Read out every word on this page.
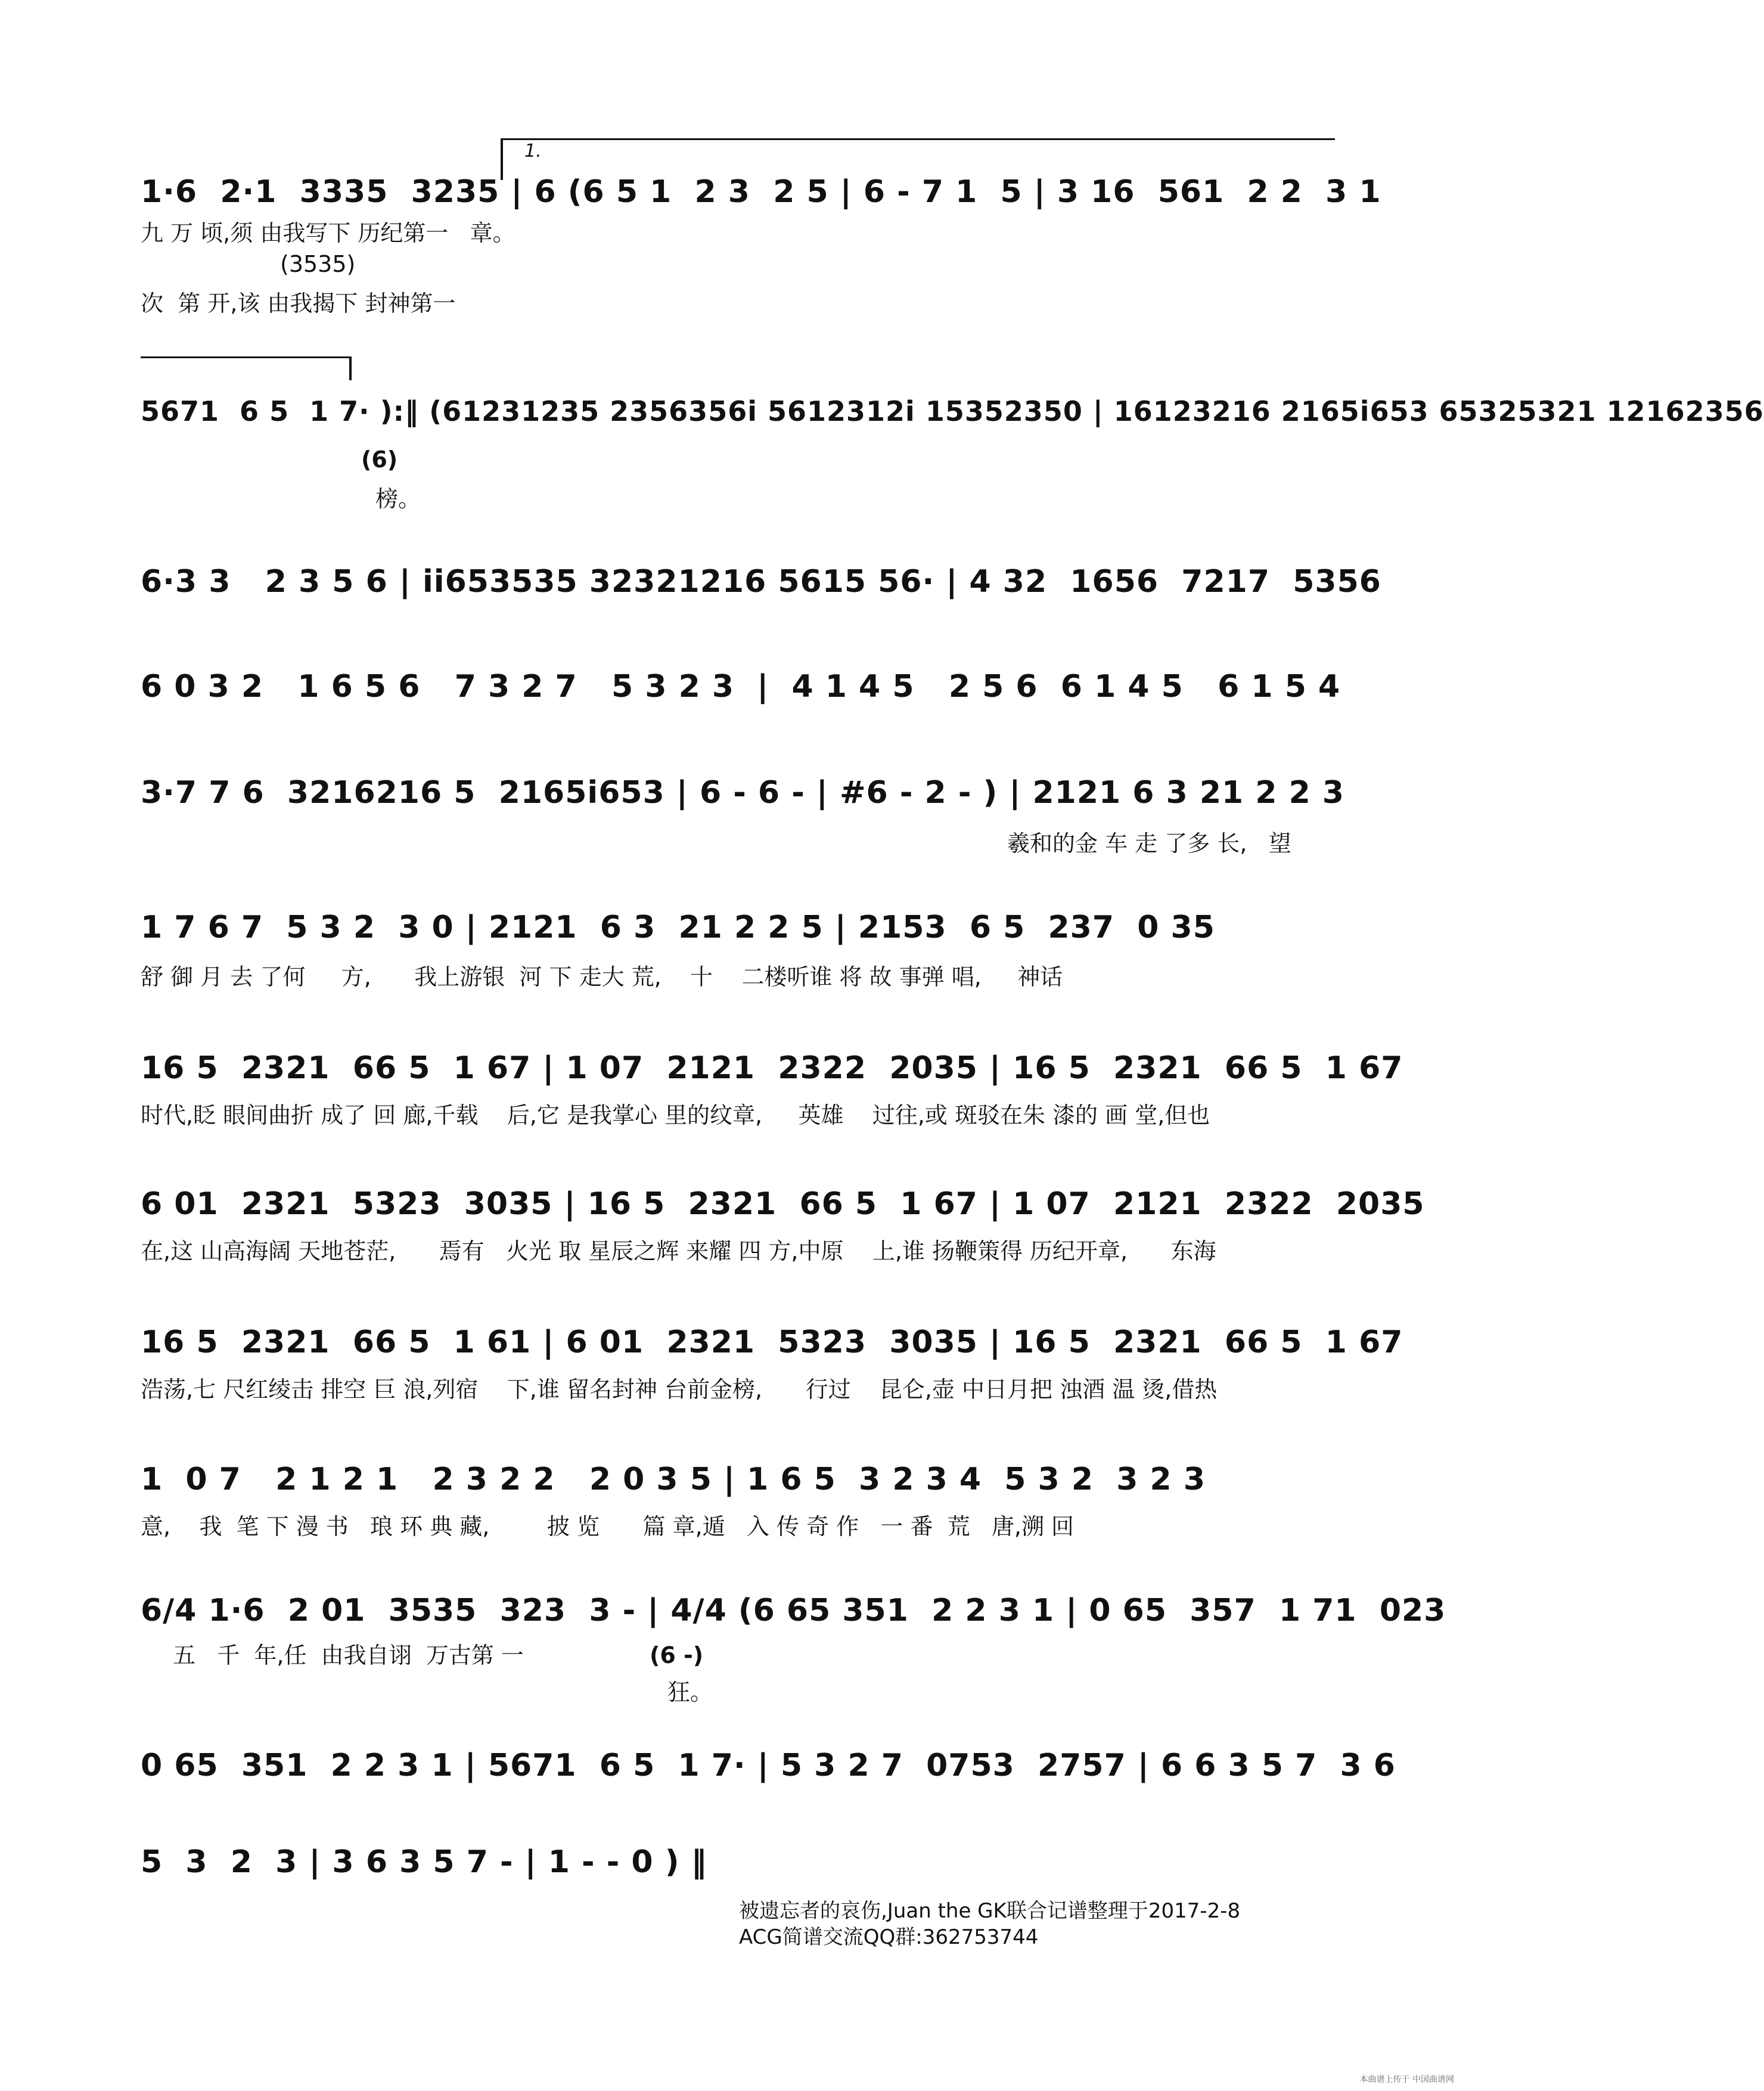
1.
1·6  2·1  3335  3235 | 6 (6 5 1  2 3  2 5 | 6 - 7 1  5 | 3 16  561  2 2  3 1
九 万 顷,须 由我写下 历纪第一   章。
(3535)
次  第 开,该 由我揭下 封神第一
5671  6 5  1 7· ):‖ (61231235 2356356i 5612312i 15352350 | 16123216 2165i653 65325321 12162356
(6)
榜。
6·3 3   2 3 5 6 | ii653535 32321216 5615 56· | 4 32  1656  7217  5356
6 0 3 2   1 6 5 6   7 3 2 7   5 3 2 3  |  4 1 4 5   2 5 6  6 1 4 5   6 1 5 4
3·7 7 6  3216216 5  2165i653 | 6 - 6 - | #6 - 2 - ) | 2121 6 3 21 2 2 3
羲和的金 车 走 了多 长,   望
1 7 6 7  5 3 2  3 0 | 2121  6 3  21 2 2 5 | 2153  6 5  237  0 35
舒 御 月 去 了何     方,      我上游银  河 下 走大 荒,    十    二楼听谁 将 故 事弹 唱,     神话
16 5  2321  66 5  1 67 | 1 07  2121  2322  2035 | 16 5  2321  66 5  1 67
时代,眨 眼间曲折 成了 回 廊,千载    后,它 是我掌心 里的纹章,     英雄    过往,或 斑驳在朱 漆的 画 堂,但也
6 01  2321  5323  3035 | 16 5  2321  66 5  1 67 | 1 07  2121  2322  2035
在,这 山高海阔 天地苍茫,      焉有   火光 取 星辰之辉 来耀 四 方,中原    上,谁 扬鞭策得 历纪开章,      东海
16 5  2321  66 5  1 61 | 6 01  2321  5323  3035 | 16 5  2321  66 5  1 67
浩荡,七 尺红绫击 排空 巨 浪,列宿    下,谁 留名封神 台前金榜,      行过    昆仑,壶 中日月把 浊酒 温 烫,借热
1  0 7   2 1 2 1   2 3 2 2   2 0 3 5 | 1 6 5  3 2 3 4  5 3 2  3 2 3
意,    我  笔 下 漫 书   琅 环 典 藏,        披 览      篇 章,遁   入 传 奇 作   一 番  荒   唐,溯 回
6/4 1·6  2 01  3535  323  3 - | 4/4 (6 65 351  2 2 3 1 | 0 65  357  1 71  023
五   千  年,任  由我自诩  万古第 一	(6 -)
狂。
0 65  351  2 2 3 1 | 5671  6 5  1 7· | 5 3 2 7  0753  2757 | 6 6 3 5 7  3 6
5  3  2  3 | 3 6 3 5 7 - | 1 - - 0 ) ‖
被遗忘者的哀伤,Juan the GK联合记谱整理于2017-2-8
ACG简谱交流QQ群:362753744
本曲谱上传于 中国曲谱网
